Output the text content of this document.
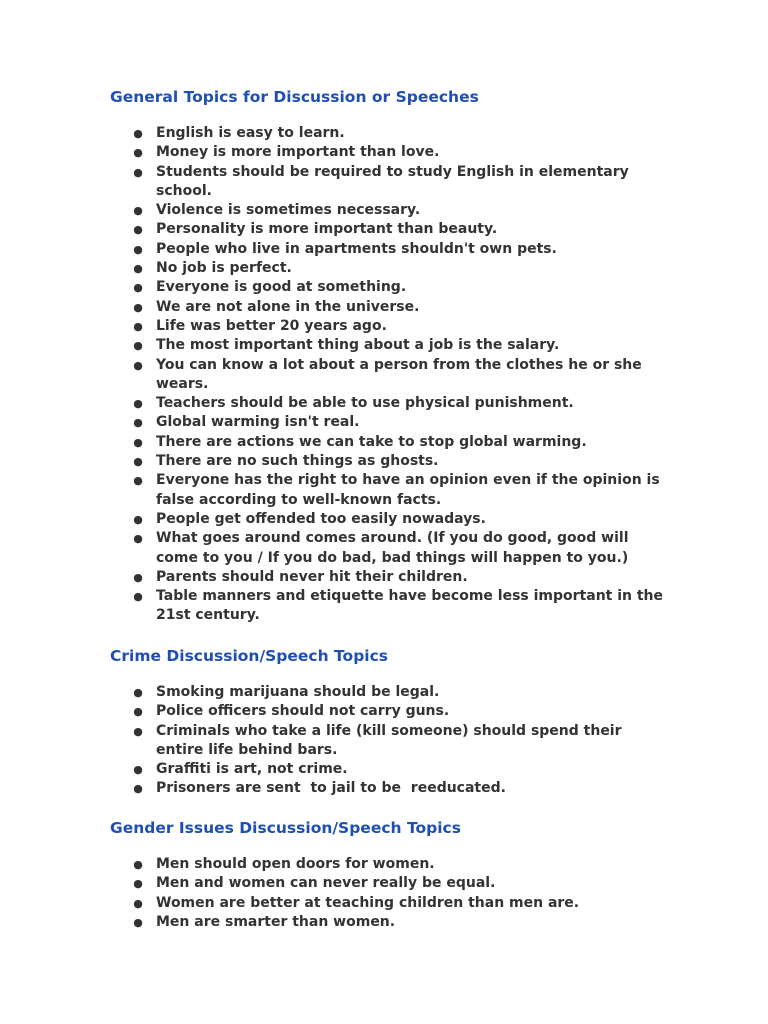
General Topics for Discussion or Speeches
● English is easy to learn.
● Money is more important than love.
● Students should be required to study English in elementary school.
● Violence is sometimes necessary.
● Personality is more important than beauty.
● People who live in apartments shouldn't own pets.
● No job is perfect.
● Everyone is good at something.
● We are not alone in the universe.
● Life was better 20 years ago.
● The most important thing about a job is the salary.
● You can know a lot about a person from the clothes he or she wears.
● Teachers should be able to use physical punishment.
● Global warming isn't real.
● There are actions we can take to stop global warming.
● There are no such things as ghosts.
● Everyone has the right to have an opinion even if the opinion is false according to well-known facts.
● People get offended too easily nowadays.
● What goes around comes around. (If you do good, good will come to you / If you do bad, bad things will happen to you.)
● Parents should never hit their children.
● Table manners and etiquette have become less important in the 21st century.
Crime Discussion/Speech Topics
● Smoking marijuana should be legal.
● Police officers should not carry guns.
● Criminals who take a life (kill someone) should spend their entire life behind bars.
● Graffiti is art, not crime.
● Prisoners are sent  to jail to be  reeducated.
Gender Issues Discussion/Speech Topics
● Men should open doors for women.
● Men and women can never really be equal.
● Women are better at teaching children than men are.
● Men are smarter than women.
